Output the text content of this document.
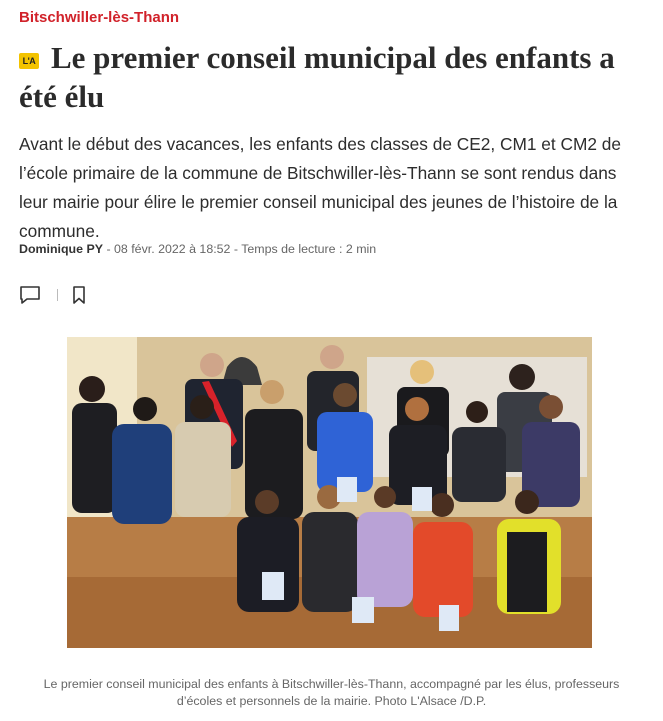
Bitschwiller-lès-Thann
L'A Le premier conseil municipal des enfants a été élu

Avant le début des vacances, les enfants des classes de CE2, CM1 et CM2 de l’école primaire de la commune de Bitschwiller-lès-Thann se sont rendus dans leur mairie pour élire le premier conseil municipal des jeunes de l’histoire de la commune.

Dominique PY - 08 févr. 2022 à 18:52 - Temps de lecture : 2 min

Le premier conseil municipal des enfants à Bitschwiller-lès-Thann, accompagné par les élus, professeurs d’écoles et personnels de la mairie. Photo L'Alsace /D.P.
